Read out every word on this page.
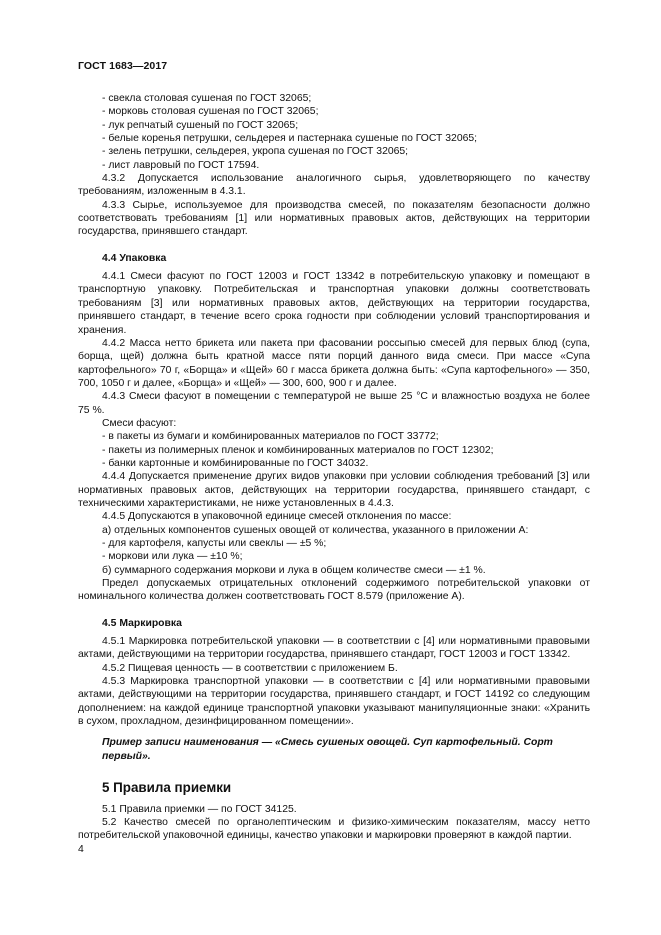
ГОСТ 1683—2017

- свекла столовая сушеная по ГОСТ 32065;

- морковь столовая сушеная по ГОСТ 32065;

- лук репчатый сушеный по ГОСТ 32065;

- белые коренья петрушки, сельдерея и пастернака сушеные по ГОСТ 32065;

- зелень петрушки, сельдерея, укропа сушеная по ГОСТ 32065;

- лист лавровый по ГОСТ 17594.

4.3.2 Допускается использование аналогичного сырья, удовлетворяющего по качеству требованиям, изложенным в 4.3.1.

4.3.3 Сырье, используемое для производства смесей, по показателям безопасности должно соответствовать требованиям [1] или нормативных правовых актов, действующих на территории государства, принявшего стандарт.

4.4 Упаковка

4.4.1 Смеси фасуют по ГОСТ 12003 и ГОСТ 13342 в потребительскую упаковку и помещают в транспортную упаковку. Потребительская и транспортная упаковки должны соответствовать требованиям [3] или нормативных правовых актов, действующих на территории государства, принявшего стандарт, в течение всего срока годности при соблюдении условий транспортирования и хранения.

4.4.2 Масса нетто брикета или пакета при фасовании россыпью смесей для первых блюд (супа, борща, щей) должна быть кратной массе пяти порций данного вида смеси. При массе «Супа картофельного» 70 г, «Борща» и «Щей» 60 г масса брикета должна быть: «Супа картофельного» — 350, 700, 1050 г и далее, «Борща» и «Щей» — 300, 600, 900 г и далее.

4.4.3 Смеси фасуют в помещении с температурой не выше 25 °С и влажностью воздуха не более 75 %.

Смеси фасуют:

- в пакеты из бумаги и комбинированных материалов по ГОСТ 33772;

- пакеты из полимерных пленок и комбинированных материалов по ГОСТ 12302;

- банки картонные и комбинированные по ГОСТ 34032.

4.4.4 Допускается применение других видов упаковки при условии соблюдения требований [3] или нормативных правовых актов, действующих на территории государства, принявшего стандарт, с техническими характеристиками, не ниже установленных в 4.4.3.

4.4.5 Допускаются в упаковочной единице смесей отклонения по массе:

а) отдельных компонентов сушеных овощей от количества, указанного в приложении А:

- для картофеля, капусты или свеклы — ±5 %;

- моркови или лука — ±10 %;

б) суммарного содержания моркови и лука в общем количестве смеси — ±1 %.

Предел допускаемых отрицательных отклонений содержимого потребительской упаковки от номинального количества должен соответствовать ГОСТ 8.579 (приложение А).

4.5 Маркировка

4.5.1 Маркировка потребительской упаковки — в соответствии с [4] или нормативными правовыми актами, действующими на территории государства, принявшего стандарт, ГОСТ 12003 и ГОСТ 13342.

4.5.2 Пищевая ценность — в соответствии с приложением Б.

4.5.3 Маркировка транспортной упаковки — в соответствии с [4] или нормативными правовыми актами, действующими на территории государства, принявшего стандарт, и ГОСТ 14192 со следующим дополнением: на каждой единице транспортной упаковки указывают манипуляционные знаки: «Хранить в сухом, прохладном, дезинфицированном помещении».

Пример записи наименования — «Смесь сушеных овощей. Суп картофельный. Сорт первый».

5 Правила приемки

5.1 Правила приемки — по ГОСТ 34125.

5.2 Качество смесей по органолептическим и физико-химическим показателям, массу нетто потребительской упаковочной единицы, качество упаковки и маркировки проверяют в каждой партии.

4
